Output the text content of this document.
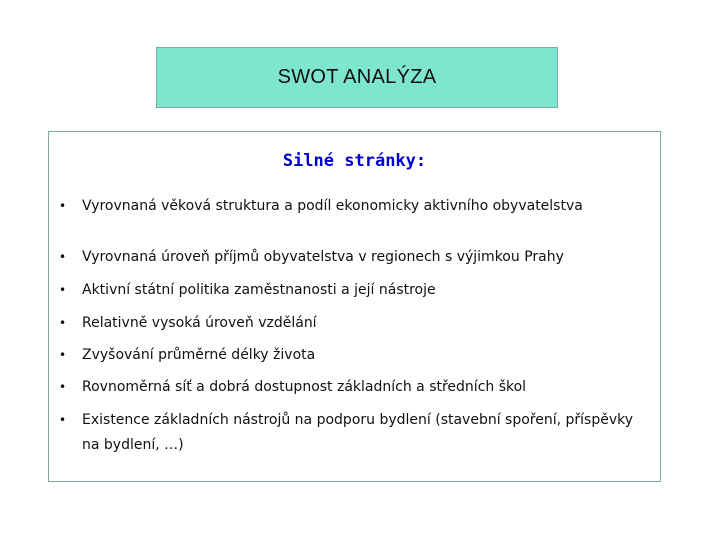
SWOT ANALÝZA
Silné stránky:
• Vyrovnaná věková struktura a podíl ekonomicky aktivního obyvatelstva
• Vyrovnaná úroveň příjmů obyvatelstva v regionech s výjimkou Prahy
• Aktivní státní politika zaměstnanosti a její nástroje
• Relativně vysoká úroveň vzdělání
• Zvyšování průměrné délky života
• Rovnoměrná síť a dobrá dostupnost základních a středních škol
• Existence základních nástrojů na podporu bydlení (stavební spoření, příspěvky na bydlení, …)
